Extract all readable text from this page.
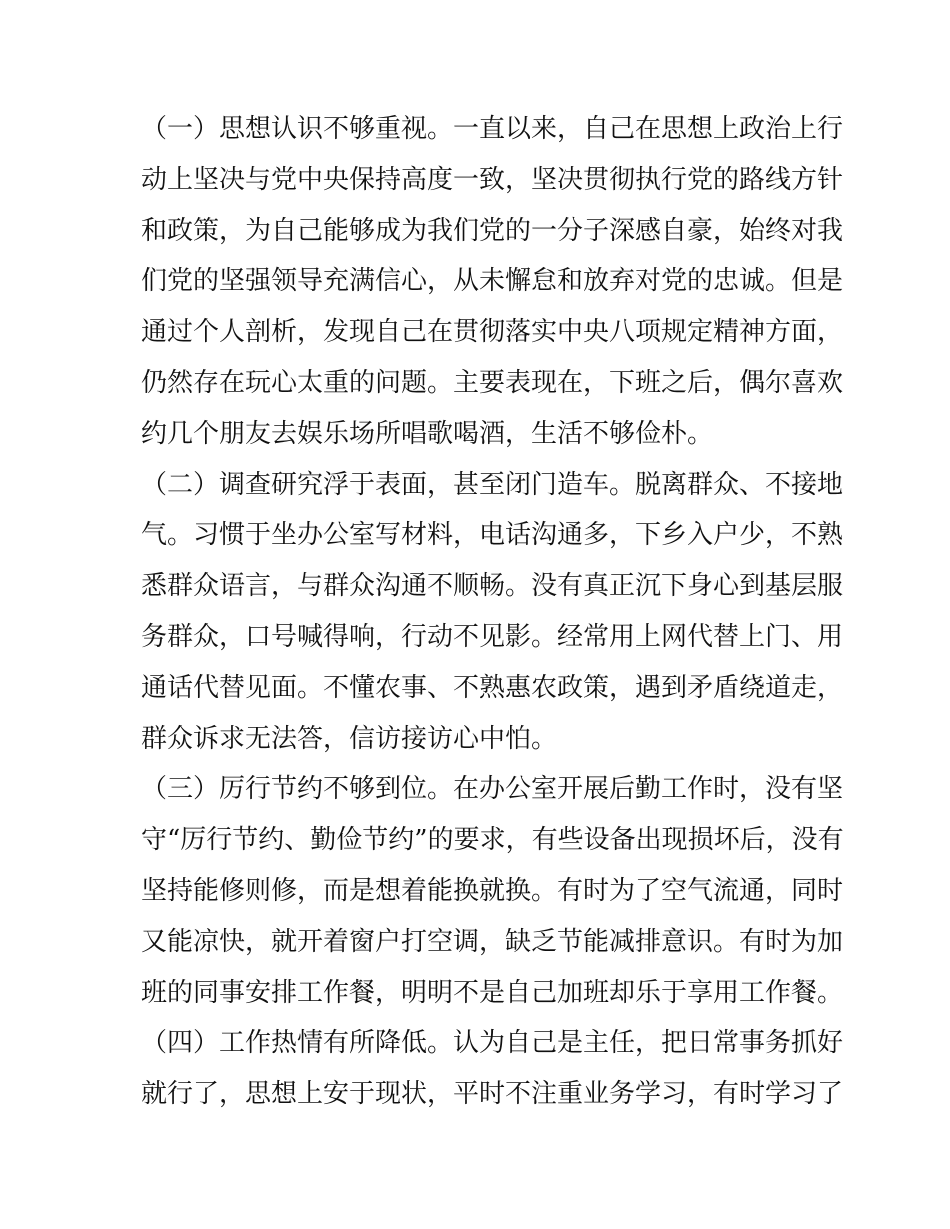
（一）思想认识不够重视。一直以来，自己在思想上政治上行
动上坚决与党中央保持高度一致，坚决贯彻执行党的路线方针
和政策，为自己能够成为我们党的一分子深感自豪，始终对我
们党的坚强领导充满信心，从未懈怠和放弃对党的忠诚。但是
通过个人剖析，发现自己在贯彻落实中央八项规定精神方面，
仍然存在玩心太重的问题。主要表现在，下班之后，偶尔喜欢
约几个朋友去娱乐场所唱歌喝酒，生活不够俭朴。

（二）调查研究浮于表面，甚至闭门造车。脱离群众、不接地
气。习惯于坐办公室写材料，电话沟通多，下乡入户少，不熟
悉群众语言，与群众沟通不顺畅。没有真正沉下身心到基层服
务群众，口号喊得响，行动不见影。经常用上网代替上门、用
通话代替见面。不懂农事、不熟惠农政策，遇到矛盾绕道走，
群众诉求无法答，信访接访心中怕。

（三）厉行节约不够到位。在办公室开展后勤工作时，没有坚
守“厉行节约、勤俭节约”的要求，有些设备出现损坏后，没有
坚持能修则修，而是想着能换就换。有时为了空气流通，同时
又能凉快，就开着窗户打空调，缺乏节能减排意识。有时为加
班的同事安排工作餐，明明不是自己加班却乐于享用工作餐。

（四）工作热情有所降低。认为自己是主任，把日常事务抓好
就行了，思想上安于现状，平时不注重业务学习，有时学习了
